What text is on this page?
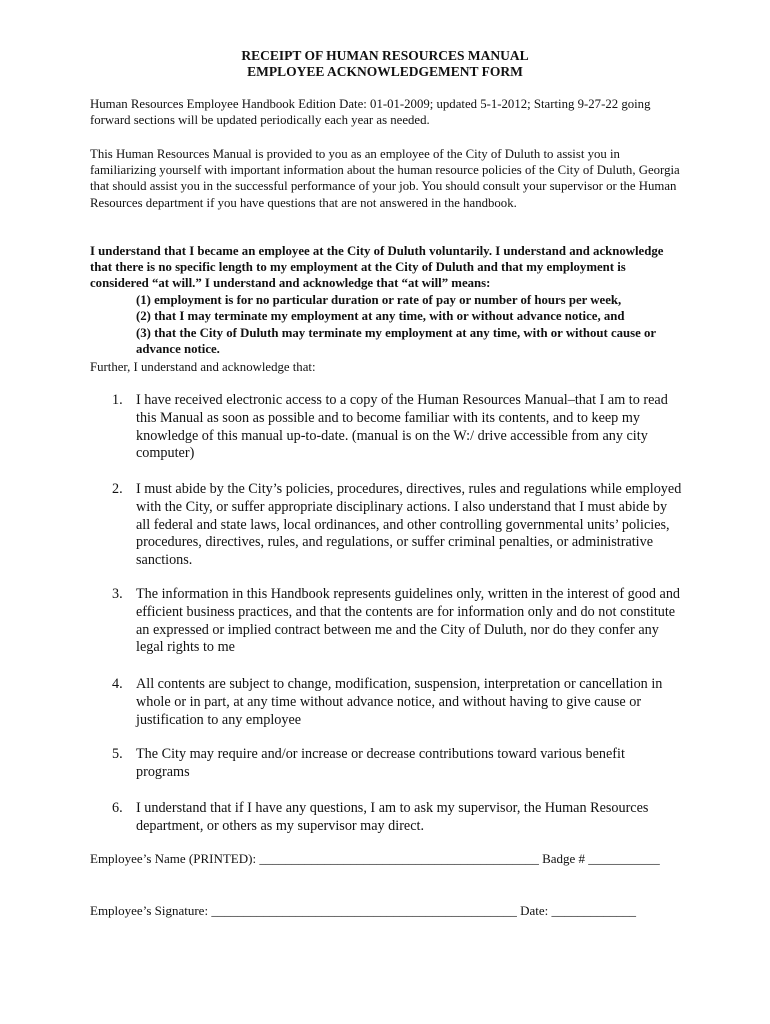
RECEIPT OF HUMAN RESOURCES MANUAL

EMPLOYEE ACKNOWLEDGEMENT FORM

Human Resources Employee Handbook Edition Date: 01-01-2009; updated 5-1-2012; Starting 9-27-22 going forward sections will be updated periodically each year as needed.

This Human Resources Manual is provided to you as an employee of the City of Duluth to assist you in familiarizing yourself with important information about the human resource policies of the City of Duluth, Georgia that should assist you in the successful performance of your job. You should consult your supervisor or the Human Resources department if you have questions that are not answered in the handbook.

I understand that I became an employee at the City of Duluth voluntarily. I understand and acknowledge that there is no specific length to my employment at the City of Duluth and that my employment is considered “at will.” I understand and acknowledge that “at will” means:

(1) employment is for no particular duration or rate of pay or number of hours per week,
(2) that I may terminate my employment at any time, with or without advance notice, and
(3) that the City of Duluth may terminate my employment at any time, with or without cause or advance notice.

Further, I understand and acknowledge that:

1. I have received electronic access to a copy of the Human Resources Manual–that I am to read this Manual as soon as possible and to become familiar with its contents, and to keep my knowledge of this manual up-to-date. (manual is on the W:/ drive accessible from any city computer)
2. I must abide by the City’s policies, procedures, directives, rules and regulations while employed with the City, or suffer appropriate disciplinary actions. I also understand that I must abide by all federal and state laws, local ordinances, and other controlling governmental units’ policies, procedures, directives, rules, and regulations, or suffer criminal penalties, or administrative sanctions.
3. The information in this Handbook represents guidelines only, written in the interest of good and efficient business practices, and that the contents are for information only and do not constitute an expressed or implied contract between me and the City of Duluth, nor do they confer any legal rights to me
4. All contents are subject to change, modification, suspension, interpretation or cancellation in whole or in part, at any time without advance notice, and without having to give cause or justification to any employee
5. The City may require and/or increase or decrease contributions toward various benefit programs
6. I understand that if I have any questions, I am to ask my supervisor, the Human Resources department, or others as my supervisor may direct.

Employee’s Name (PRINTED): ___________________________________________ Badge # ___________

Employee’s Signature: _______________________________________________ Date: _____________
